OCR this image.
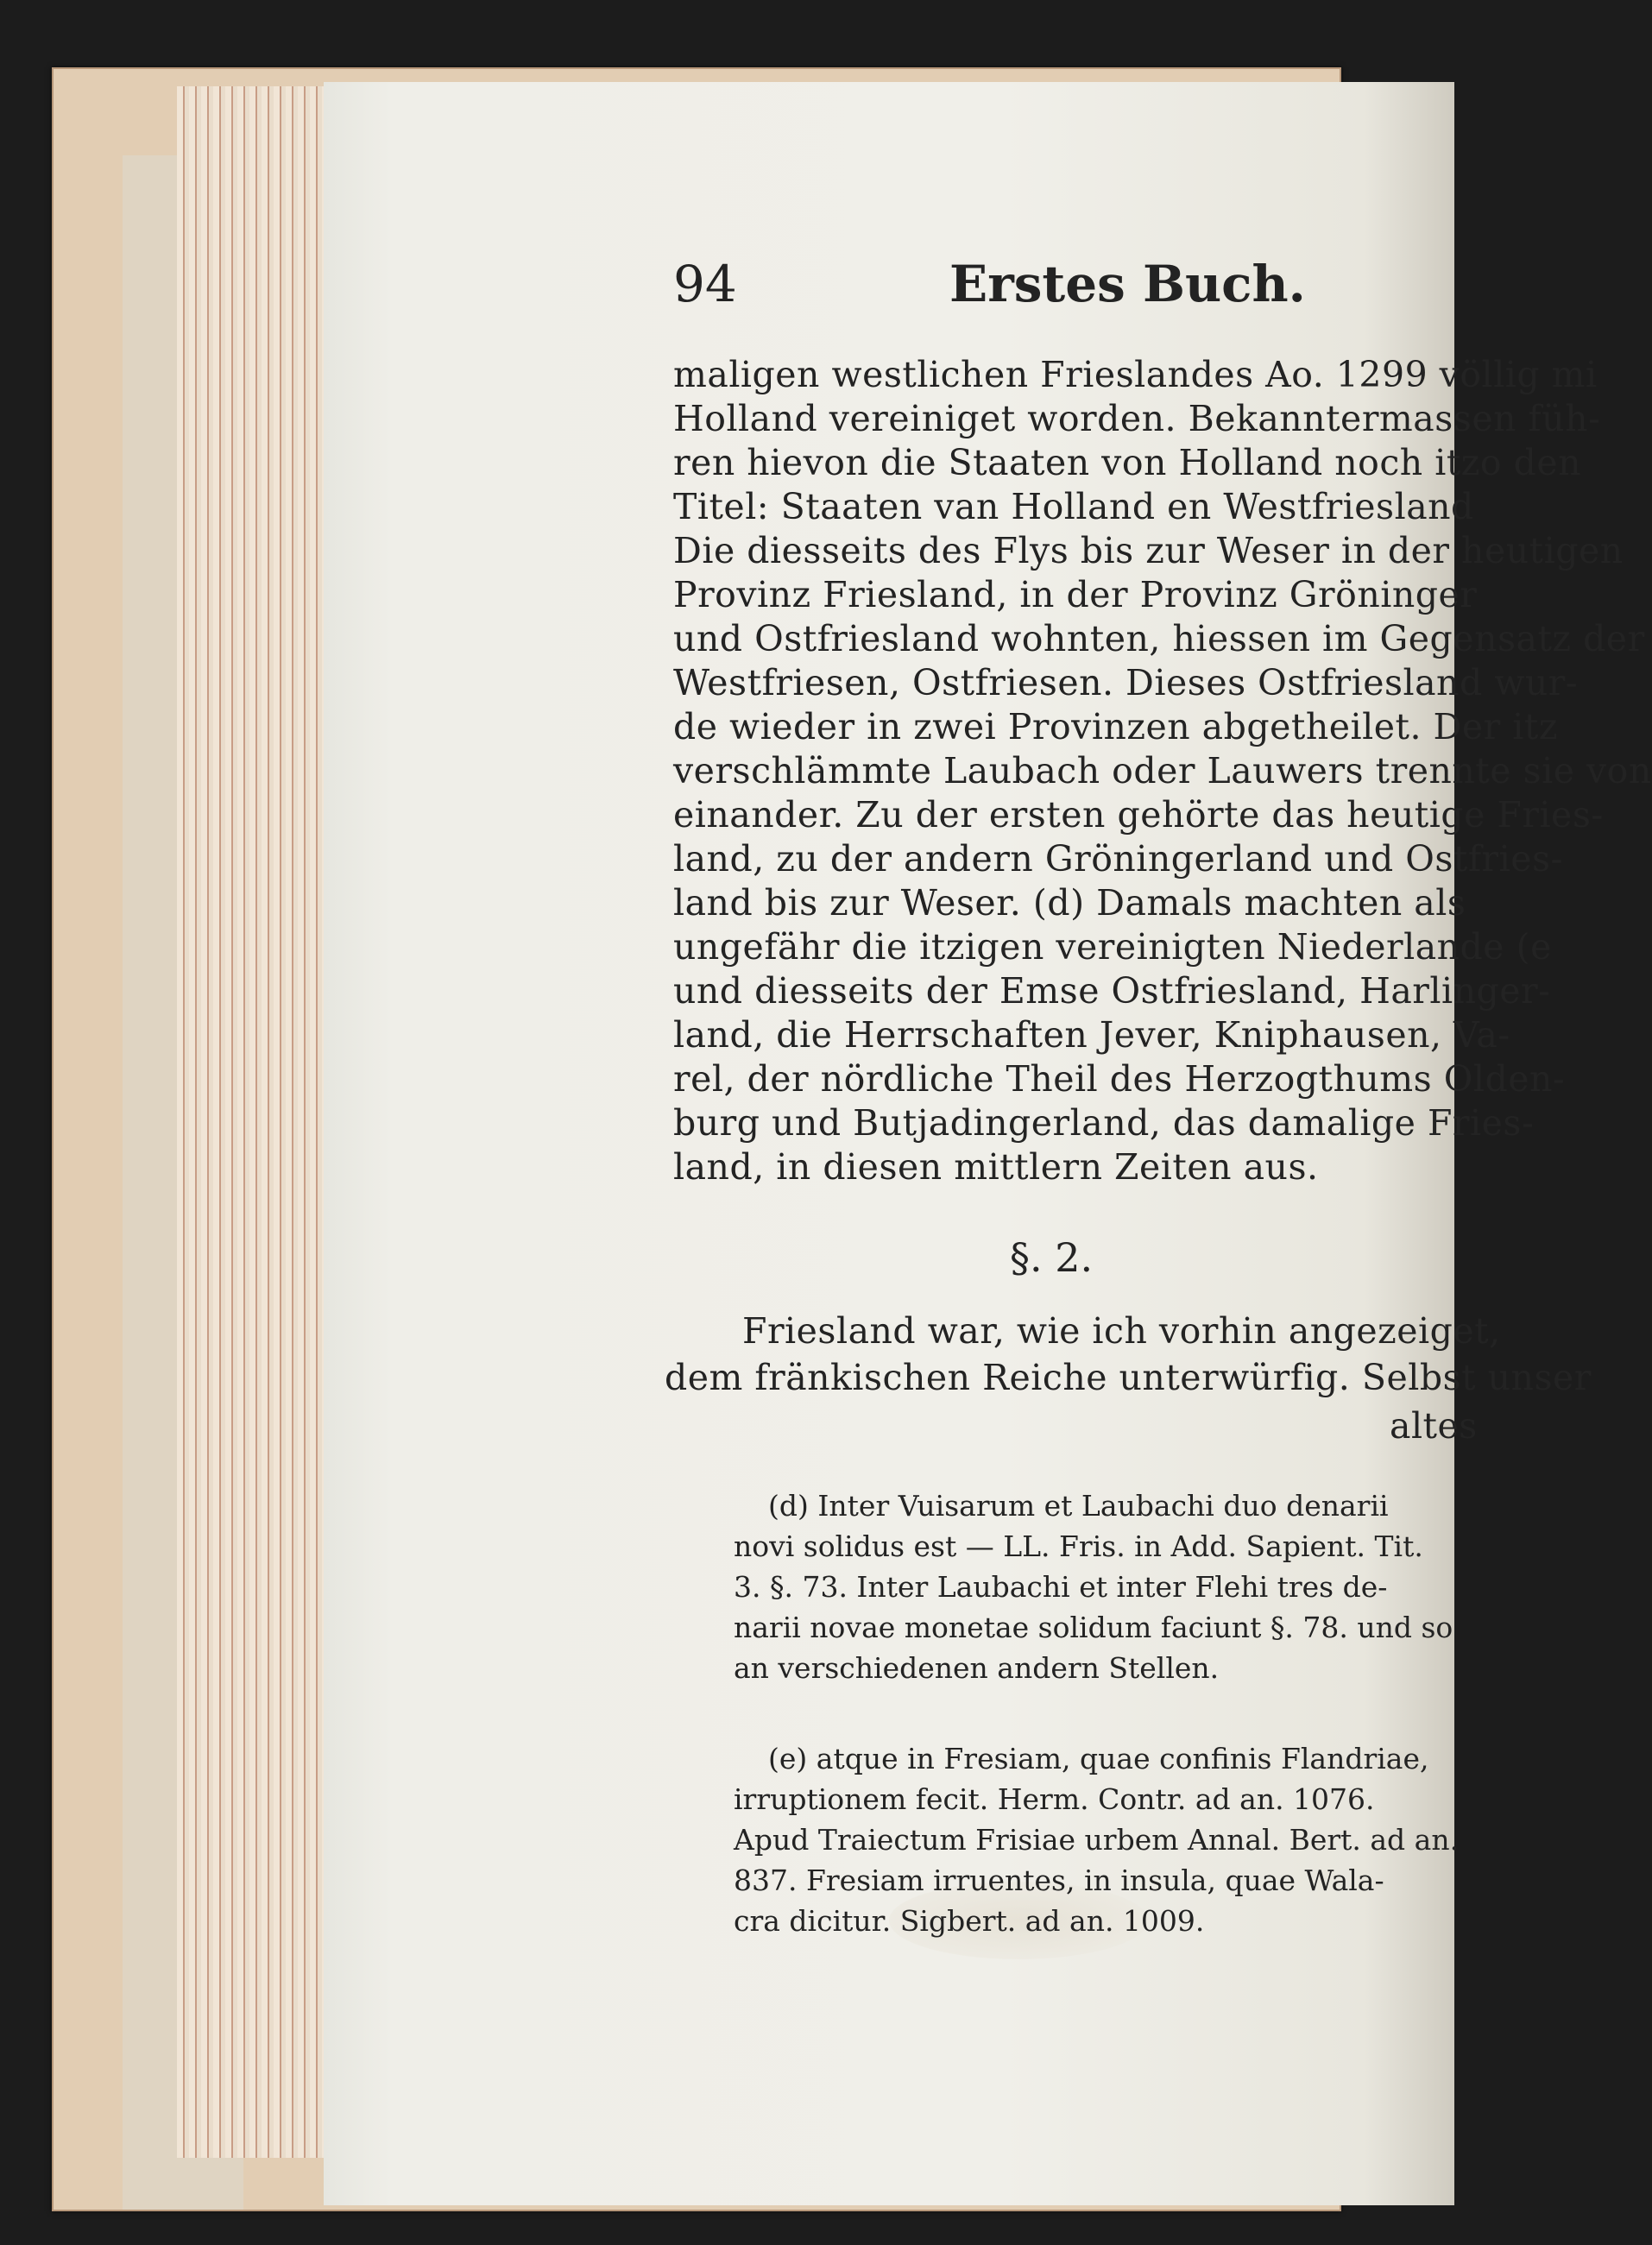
94	Erstes Buch.
maligen westlichen Frieslandes Ao. 1299 völlig mi
Holland vereiniget worden. Bekanntermassen füh-
ren hievon die Staaten von Holland noch itzo den
Titel: Staaten van Holland en Westfriesland
Die diesseits des Flys bis zur Weser in der heutigen
Provinz Friesland, in der Provinz Gröninger
und Ostfriesland wohnten, hiessen im Gegensatz der
Westfriesen, Ostfriesen. Dieses Ostfriesland wur-
de wieder in zwei Provinzen abgetheilet. Der itz
verschlämmte Laubach oder Lauwers trennte sie von
einander. Zu der ersten gehörte das heutige Fries-
land, zu der andern Gröningerland und Ostfries-
land bis zur Weser. (d) Damals machten als
ungefähr die itzigen vereinigten Niederlande (e
und diesseits der Emse Ostfriesland, Harlinger-
land, die Herrschaften Jever, Kniphausen, Va-
rel, der nördliche Theil des Herzogthums Olden-
burg und Butjadingerland, das damalige Fries-
land, in diesen mittlern Zeiten aus.
§. 2.
Friesland war, wie ich vorhin angezeiget,
dem fränkischen Reiche unterwürfig. Selbst unser
altes
(d) Inter Vuisarum et Laubachi duo denarii
novi solidus est — LL. Fris. in Add. Sapient. Tit.
3. §. 73. Inter Laubachi et inter Flehi tres de-
narii novae monetae solidum faciunt §. 78. und so
an verschiedenen andern Stellen.
(e) atque in Fresiam, quae confinis Flandriae,
irruptionem fecit. Herm. Contr. ad an. 1076.
Apud Traiectum Frisiae urbem Annal. Bert. ad an.
837. Fresiam irruentes, in insula, quae Wala-
cra dicitur. Sigbert. ad an. 1009.
